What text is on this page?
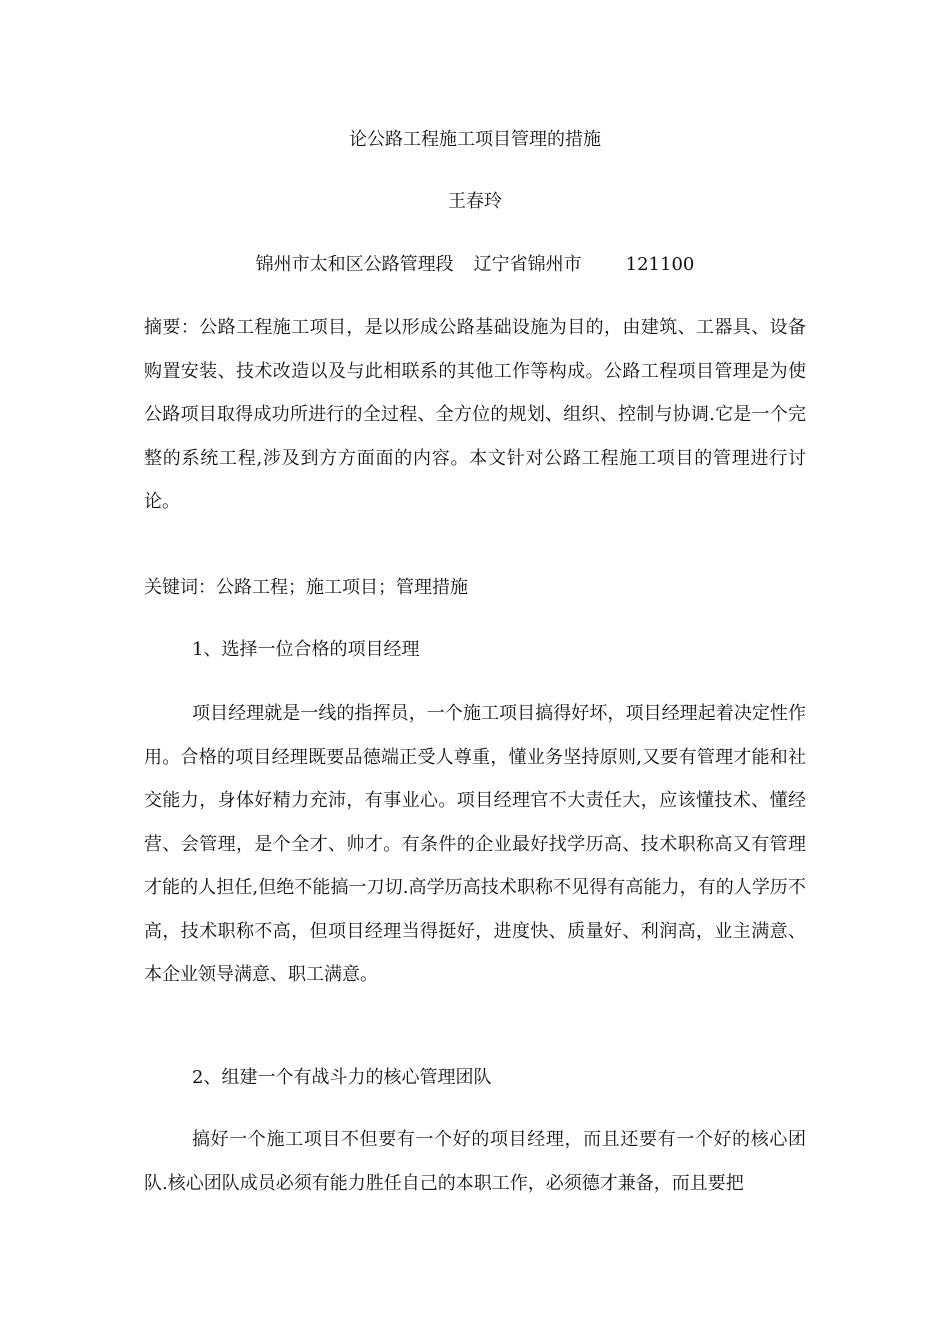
论公路工程施工项目管理的措施
王春玲
锦州市太和区公路管理段 辽宁省锦州市 121100
摘要：公路工程施工项目，是以形成公路基础设施为目的，由建筑、工器具、设备购置安装、技术改造以及与此相联系的其他工作等构成。公路工程项目管理是为使公路项目取得成功所进行的全过程、全方位的规划、组织、控制与协调.它是一个完整的系统工程,涉及到方方面面的内容。本文针对公路工程施工项目的管理进行讨论。
关键词：公路工程；施工项目；管理措施
1、选择一位合格的项目经理
项目经理就是一线的指挥员，一个施工项目搞得好坏，项目经理起着决定性作用。合格的项目经理既要品德端正受人尊重，懂业务坚持原则,又要有管理才能和社交能力，身体好精力充沛，有事业心。项目经理官不大责任大，应该懂技术、懂经营、会管理，是个全才、帅才。有条件的企业最好找学历高、技术职称高又有管理才能的人担任,但绝不能搞一刀切.高学历高技术职称不见得有高能力，有的人学历不高，技术职称不高，但项目经理当得挺好，进度快、质量好、利润高，业主满意、本企业领导满意、职工满意。
2、组建一个有战斗力的核心管理团队
搞好一个施工项目不但要有一个好的项目经理，而且还要有一个好的核心团队.核心团队成员必须有能力胜任自己的本职工作，必须德才兼备，而且要把
